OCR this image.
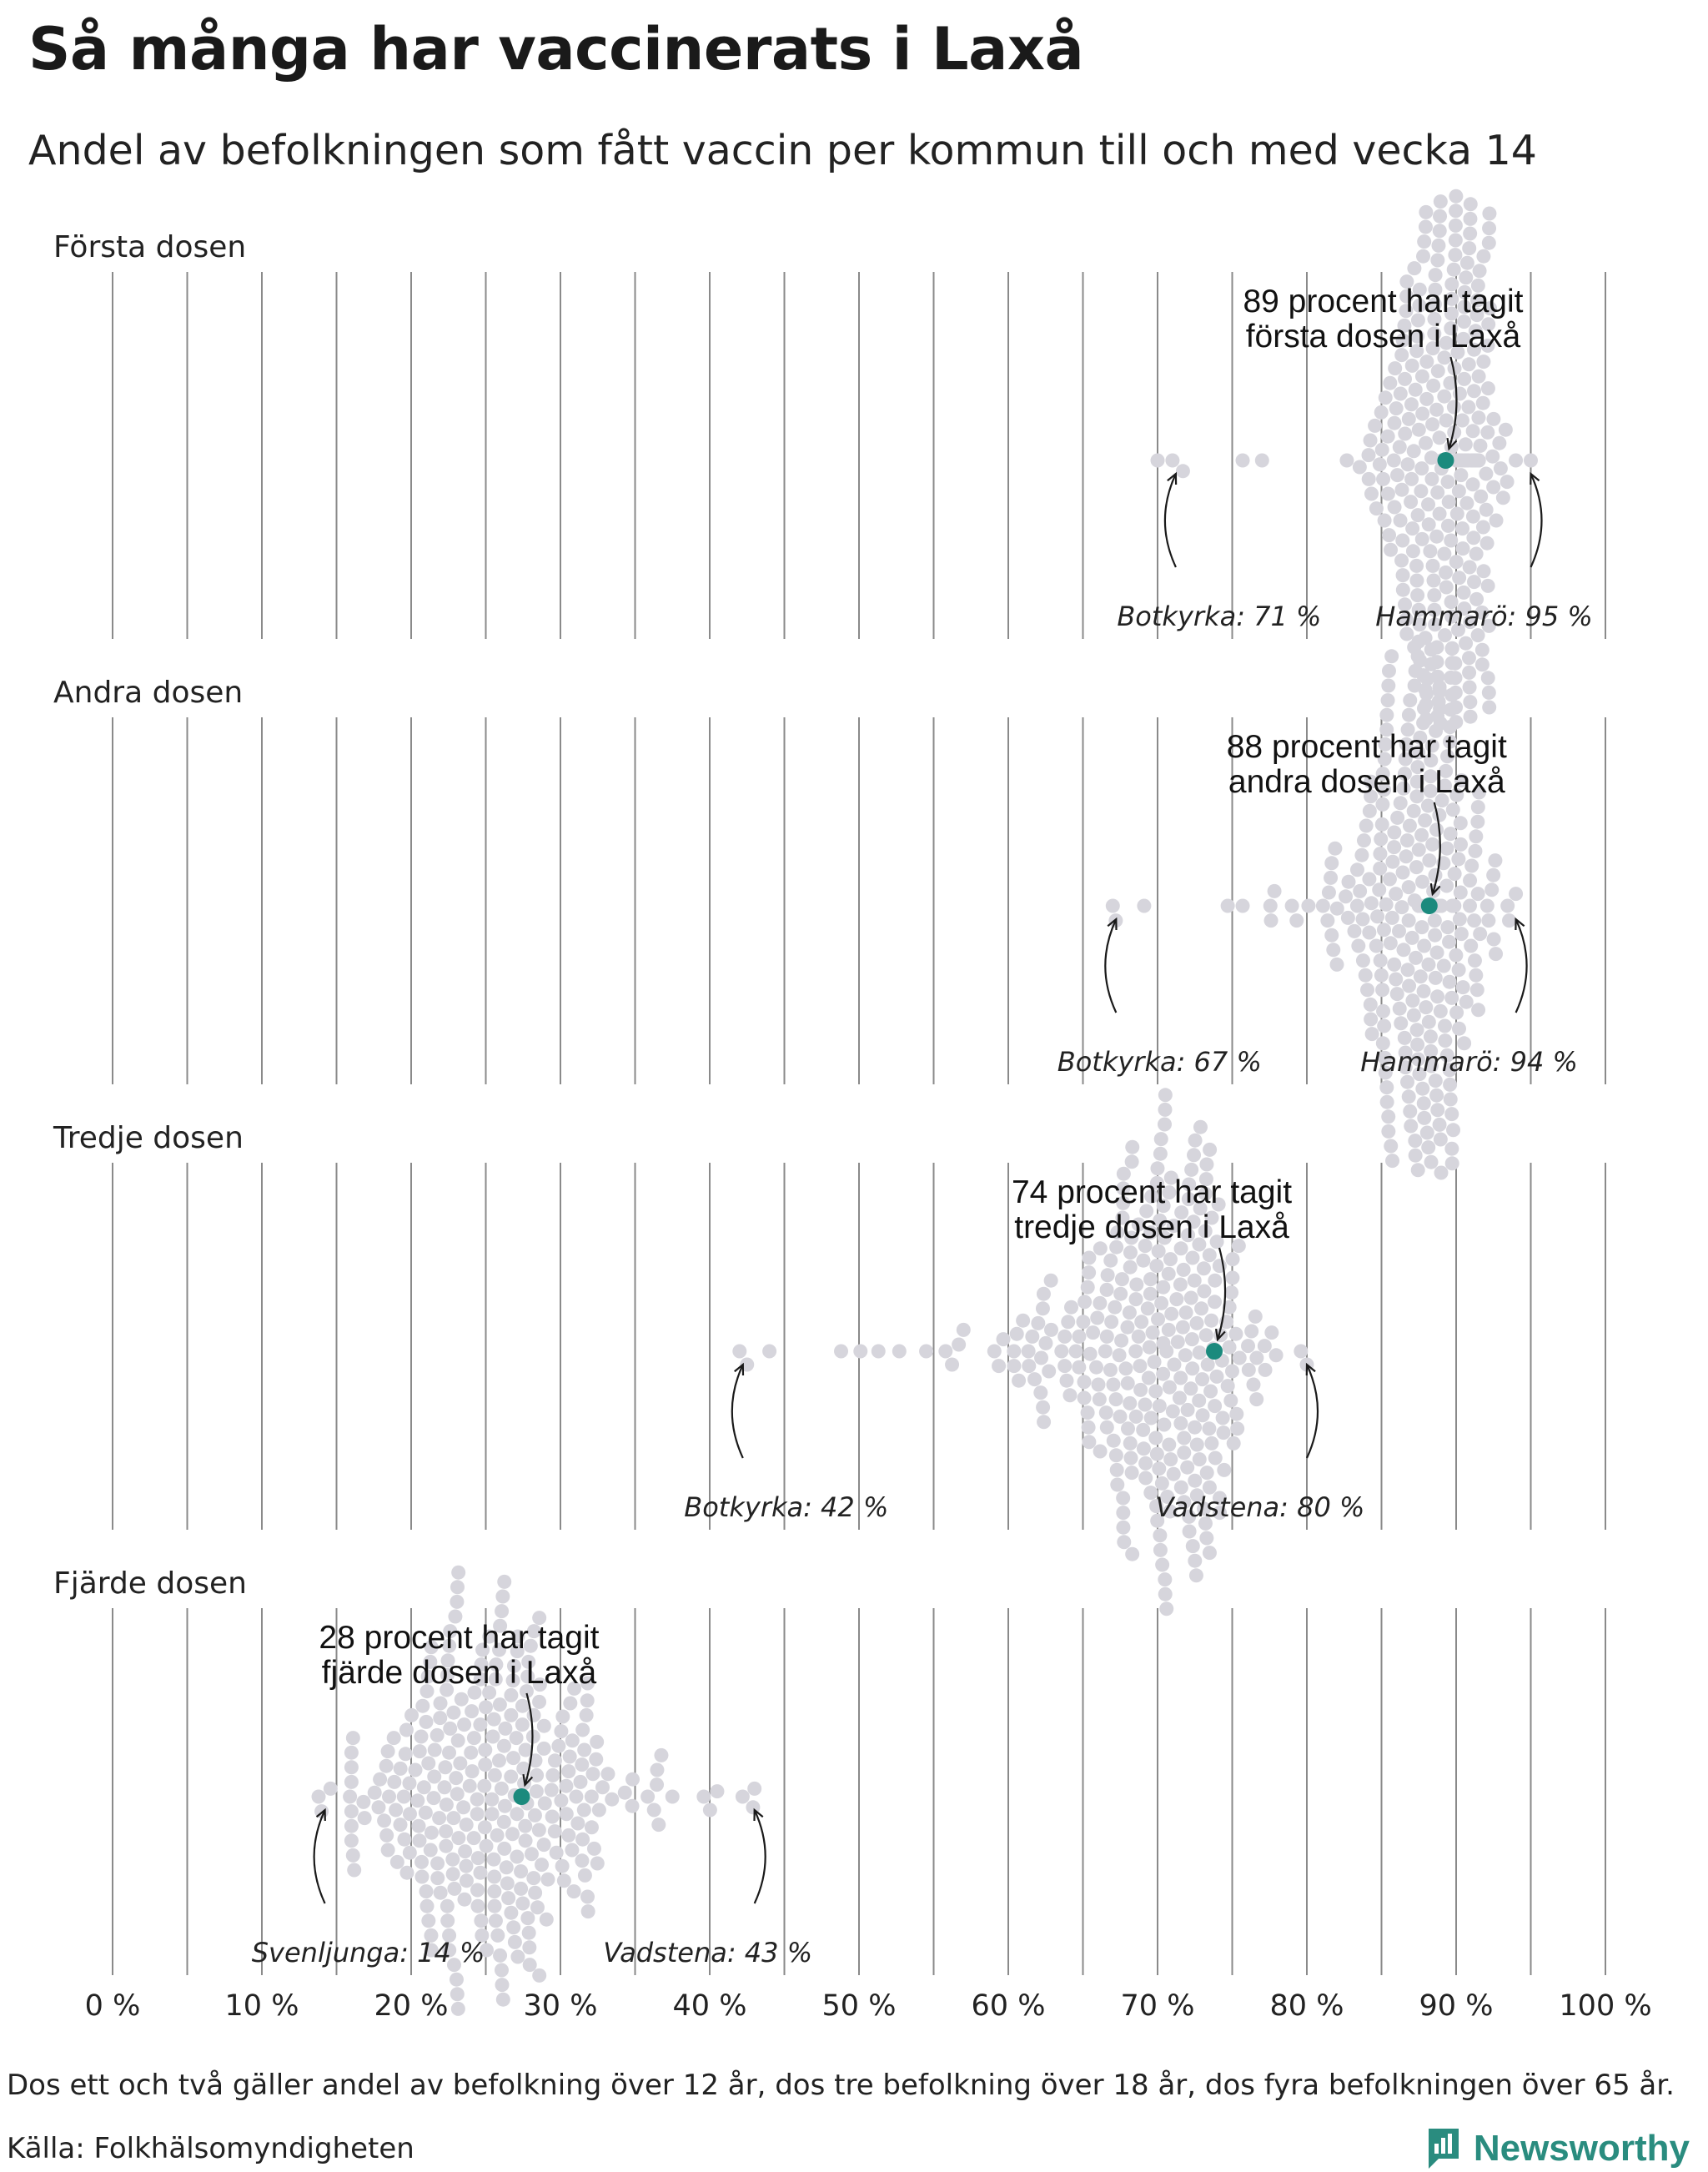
Så många har vaccinerats i Laxå
Andel av befolkningen som fått vaccin per kommun till och med vecka 14
0 %	10 %	20 %	30 %	40 %	50 %	60 %	70 %	80 %	90 % 100 %
Första dosen
89 procent har tagit
första dosen i Laxå
Botkyrka: 71 % Hammarö: 95 %
Andra dosen
88 procent har tagit
andra dosen i Laxå
Botkyrka: 67 %	Hammarö: 94 %
Tredje dosen
74 procent har tagit
tredje dosen i Laxå
Botkyrka: 42 %	Vadstena: 80 %
Fjärde dosen
28 procent har tagit
fjärde dosen i Laxå
Svenljunga: 14 %	Vadstena: 43 %
Dos ett och två gäller andel av befolkning över 12 år, dos tre befolkning över 18 år, dos fyra befolkningen över 65 år.
Källa: Folkhälsomyndigheten	Newsworthy
